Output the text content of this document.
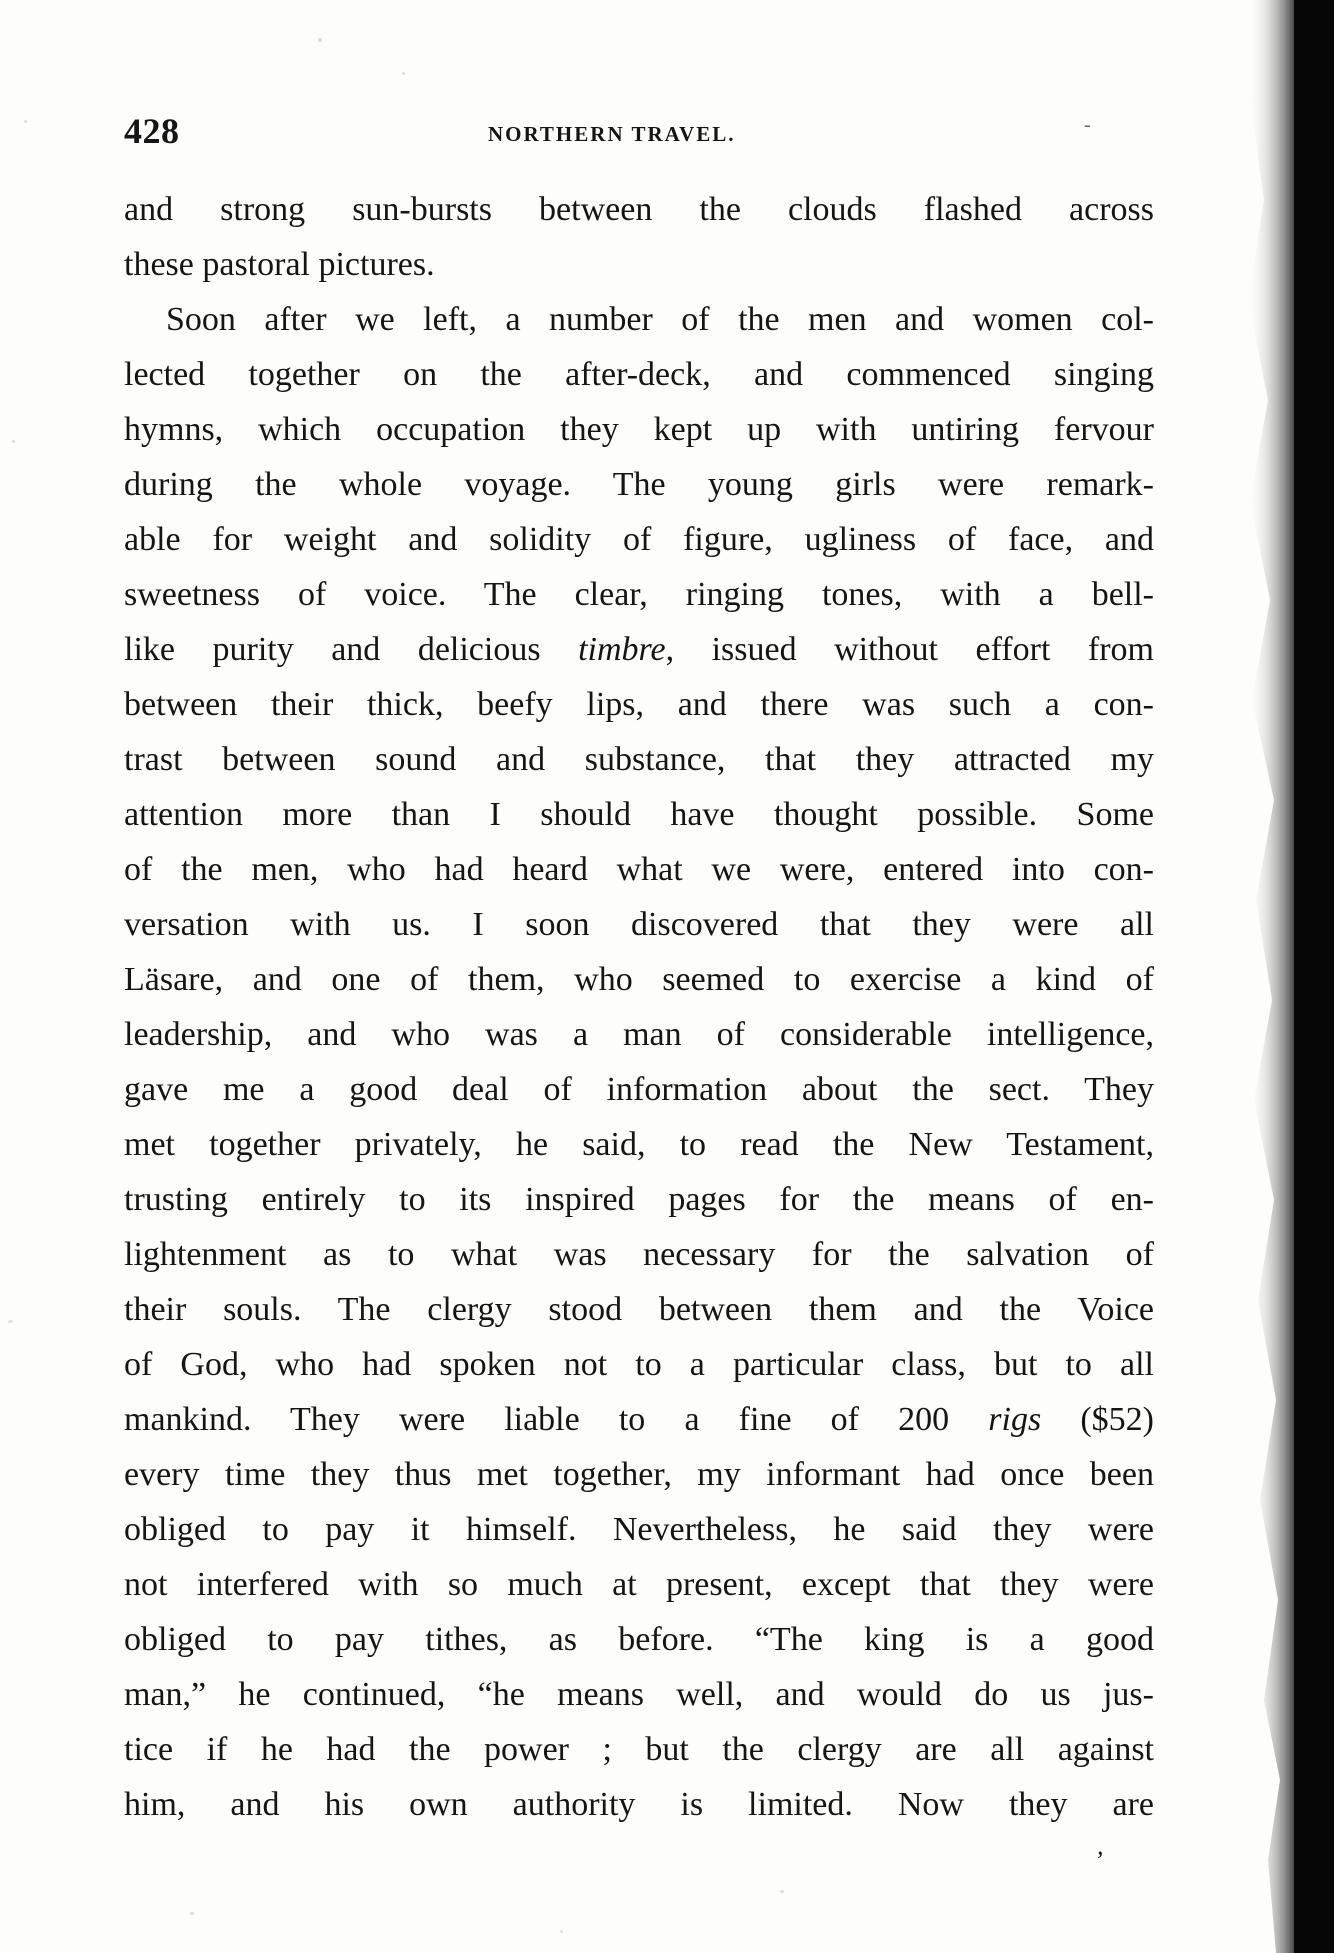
428	NORTHERN TRAVEL.	-
and strong sun-bursts between the clouds flashed across
these pastoral pictures.
Soon after we left, a number of the men and women col-
lected together on the after-deck, and commenced singing
hymns, which occupation they kept up with untiring fervour
during the whole voyage. The young girls were remark-
able for weight and solidity of figure, ugliness of face, and
sweetness of voice. The clear, ringing tones, with a bell-
like purity and delicious timbre, issued without effort from
between their thick, beefy lips, and there was such a con-
trast between sound and substance, that they attracted my
attention more than I should have thought possible. Some
of the men, who had heard what we were, entered into con-
versation with us. I soon discovered that they were all
Läsare, and one of them, who seemed to exercise a kind of
leadership, and who was a man of considerable intelligence,
gave me a good deal of information about the sect. They
met together privately, he said, to read the New Testament,
trusting entirely to its inspired pages for the means of en-
lightenment as to what was necessary for the salvation of
their souls. The clergy stood between them and the Voice
of God, who had spoken not to a particular class, but to all
mankind. They were liable to a fine of 200 rigs ($52)
every time they thus met together, my informant had once been
obliged to pay it himself. Nevertheless, he said they were
not interfered with so much at present, except that they were
obliged to pay tithes, as before. “The king is a good
man,” he continued, “he means well, and would do us jus-
tice if he had the power ; but the clergy are all against
him, and his own authority is limited. Now they are
’
